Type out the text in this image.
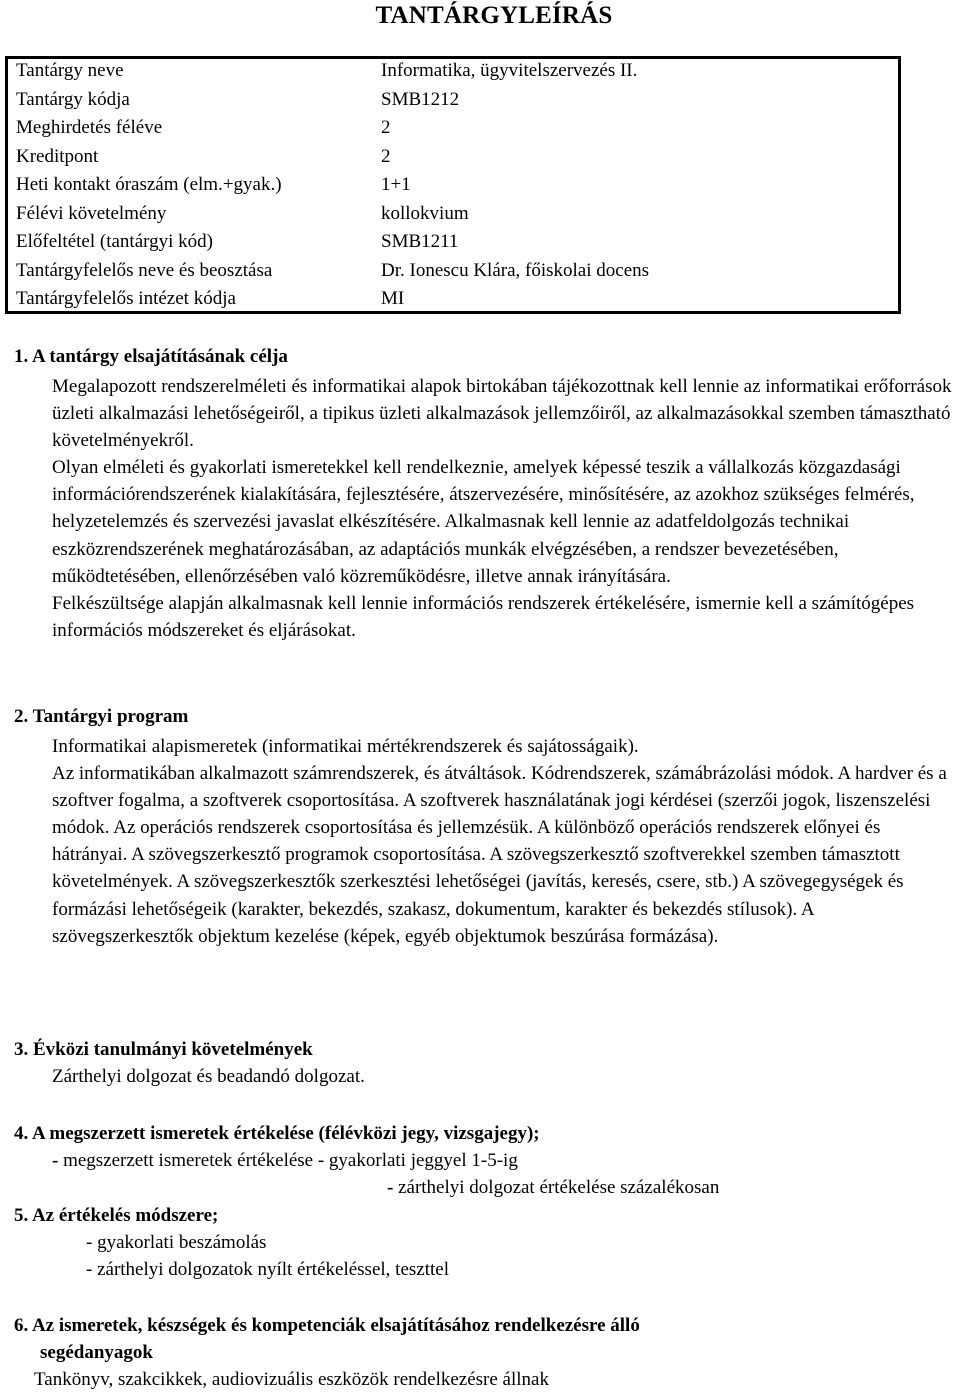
TANTÁRGYLEÍRÁS
Tantárgy neve	Informatika, ügyvitelszervezés II.
Tantárgy kódja	SMB1212
Meghirdetés féléve	2
Kreditpont	2
Heti kontakt óraszám (elm.+gyak.)	1+1
Félévi követelmény	kollokvium
Előfeltétel (tantárgyi kód)	SMB1211
Tantárgyfelelős neve és beosztása	Dr. Ionescu Klára, főiskolai docens
Tantárgyfelelős intézet kódja	MI
1. A tantárgy elsajátításának célja

Megalapozott rendszerelméleti és informatikai alapok birtokában tájékozottnak kell lennie az informatikai erőforrások üzleti alkalmazási lehetőségeiről, a tipikus üzleti alkalmazások jellemzőiről, az alkalmazásokkal szemben támasztható követelményekről.

Olyan elméleti és gyakorlati ismeretekkel kell rendelkeznie, amelyek képessé teszik a vállalkozás közgazdasági információrendszerének kialakítására, fejlesztésére, átszervezésére, minősítésére, az azokhoz szükséges felmérés, helyzetelemzés és szervezési javaslat elkészítésére. Alkalmasnak kell lennie az adatfeldolgozás technikai eszközrendszerének meghatározásában, az adaptációs munkák elvégzésében, a rendszer bevezetésében, működtetésében, ellenőrzésében való közreműködésre, illetve annak irányítására.

Felkészültsége alapján alkalmasnak kell lennie információs rendszerek értékelésére, ismernie kell a számítógépes információs módszereket és eljárásokat.

2. Tantárgyi program

Informatikai alapismeretek (informatikai mértékrendszerek és sajátosságaik).

Az informatikában alkalmazott számrendszerek, és átváltások. Kódrendszerek, számábrázolási módok. A hardver és a szoftver fogalma, a szoftverek csoportosítása. A szoftverek használatának jogi kérdései (szerzői jogok, liszenszelési módok. Az operációs rendszerek csoportosítása és jellemzésük. A különböző operációs rendszerek előnyei és hátrányai. A szövegszerkesztő programok csoportosítása. A szövegszerkesztő szoftverekkel szemben támasztott követelmények. A szövegszerkesztők szerkesztési lehetőségei (javítás, keresés, csere, stb.) A szövegegységek és formázási lehetőségeik (karakter, bekezdés, szakasz, dokumentum, karakter és bekezdés stílusok). A szövegszerkesztők objektum kezelése (képek, egyéb objektumok beszúrása formázása).

3. Évközi tanulmányi követelmények
Zárthelyi dolgozat és beadandó dolgozat.
4. A megszerzett ismeretek értékelése (félévközi jegy, vizsgajegy);
- megszerzett ismeretek értékelése - gyakorlati jeggyel 1-5-ig
- zárthelyi dolgozat értékelése százalékosan
5. Az értékelés módszere;
- gyakorlati beszámolás
- zárthelyi dolgozatok nyílt értékeléssel, teszttel
6. Az ismeretek, készségek és kompetenciák elsajátításához rendelkezésre álló
segédanyagok
Tankönyv, szakcikkek, audiovizuális eszközök rendelkezésre állnak
